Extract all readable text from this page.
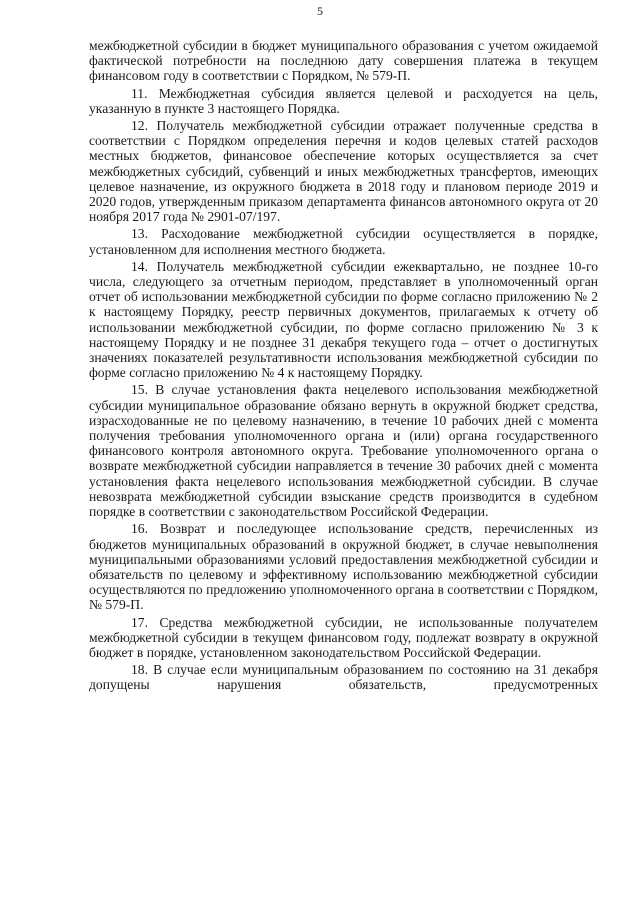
5

межбюджетной субсидии в бюджет муниципального образования с учетом ожидаемой фактической потребности на последнюю дату совершения платежа в текущем финансовом году в соответствии с Порядком, № 579-П.

11. Межбюджетная субсидия является целевой и расходуется на цель, указанную в пункте 3 настоящего Порядка.

12. Получатель межбюджетной субсидии отражает полученные средства в соответствии с Порядком определения перечня и кодов целевых статей расходов местных бюджетов, финансовое обеспечение которых осуществляется за счет межбюджетных субсидий, субвенций и иных межбюджетных трансфертов, имеющих целевое назначение, из окружного бюджета в 2018 году и плановом периоде 2019 и 2020 годов, утвержденным приказом департамента финансов автономного округа от 20 ноября 2017 года № 2901-07/197.

13. Расходование межбюджетной субсидии осуществляется в порядке, установленном для исполнения местного бюджета.

14. Получатель межбюджетной субсидии ежеквартально, не позднее 10-го числа, следующего за отчетным периодом, представляет в уполномоченный орган отчет об использовании межбюджетной субсидии по форме согласно приложению № 2 к настоящему Порядку, реестр первичных документов, прилагаемых к отчету об использовании межбюджетной субсидии, по форме согласно приложению № 3 к настоящему Порядку и не позднее 31 декабря текущего года – отчет о достигнутых значениях показателей результативности использования межбюджетной субсидии по форме согласно приложению № 4 к настоящему Порядку.

15. В случае установления факта нецелевого использования межбюджетной субсидии муниципальное образование обязано вернуть в окружной бюджет средства, израсходованные не по целевому назначению, в течение 10 рабочих дней с момента получения требования уполномоченного органа и (или) органа государственного финансового контроля автономного округа. Требование уполномоченного органа о возврате межбюджетной субсидии направляется в течение 30 рабочих дней с момента установления факта нецелевого использования межбюджетной субсидии. В случае невозврата межбюджетной субсидии взыскание средств производится в судебном порядке в соответствии с законодательством Российской Федерации.

16. Возврат и последующее использование средств, перечисленных из бюджетов муниципальных образований в окружной бюджет, в случае невыполнения муниципальными образованиями условий предоставления межбюджетной субсидии и обязательств по целевому и эффективному использованию межбюджетной субсидии осуществляются по предложению уполномоченного органа в соответствии с Порядком, № 579-П.

17. Средства межбюджетной субсидии, не использованные получателем межбюджетной субсидии в текущем финансовом году, подлежат возврату в окружной бюджет в порядке, установленном законодательством Российской Федерации.

18. В случае если муниципальным образованием по состоянию на 31 декабря допущены нарушения обязательств, предусмотренных
